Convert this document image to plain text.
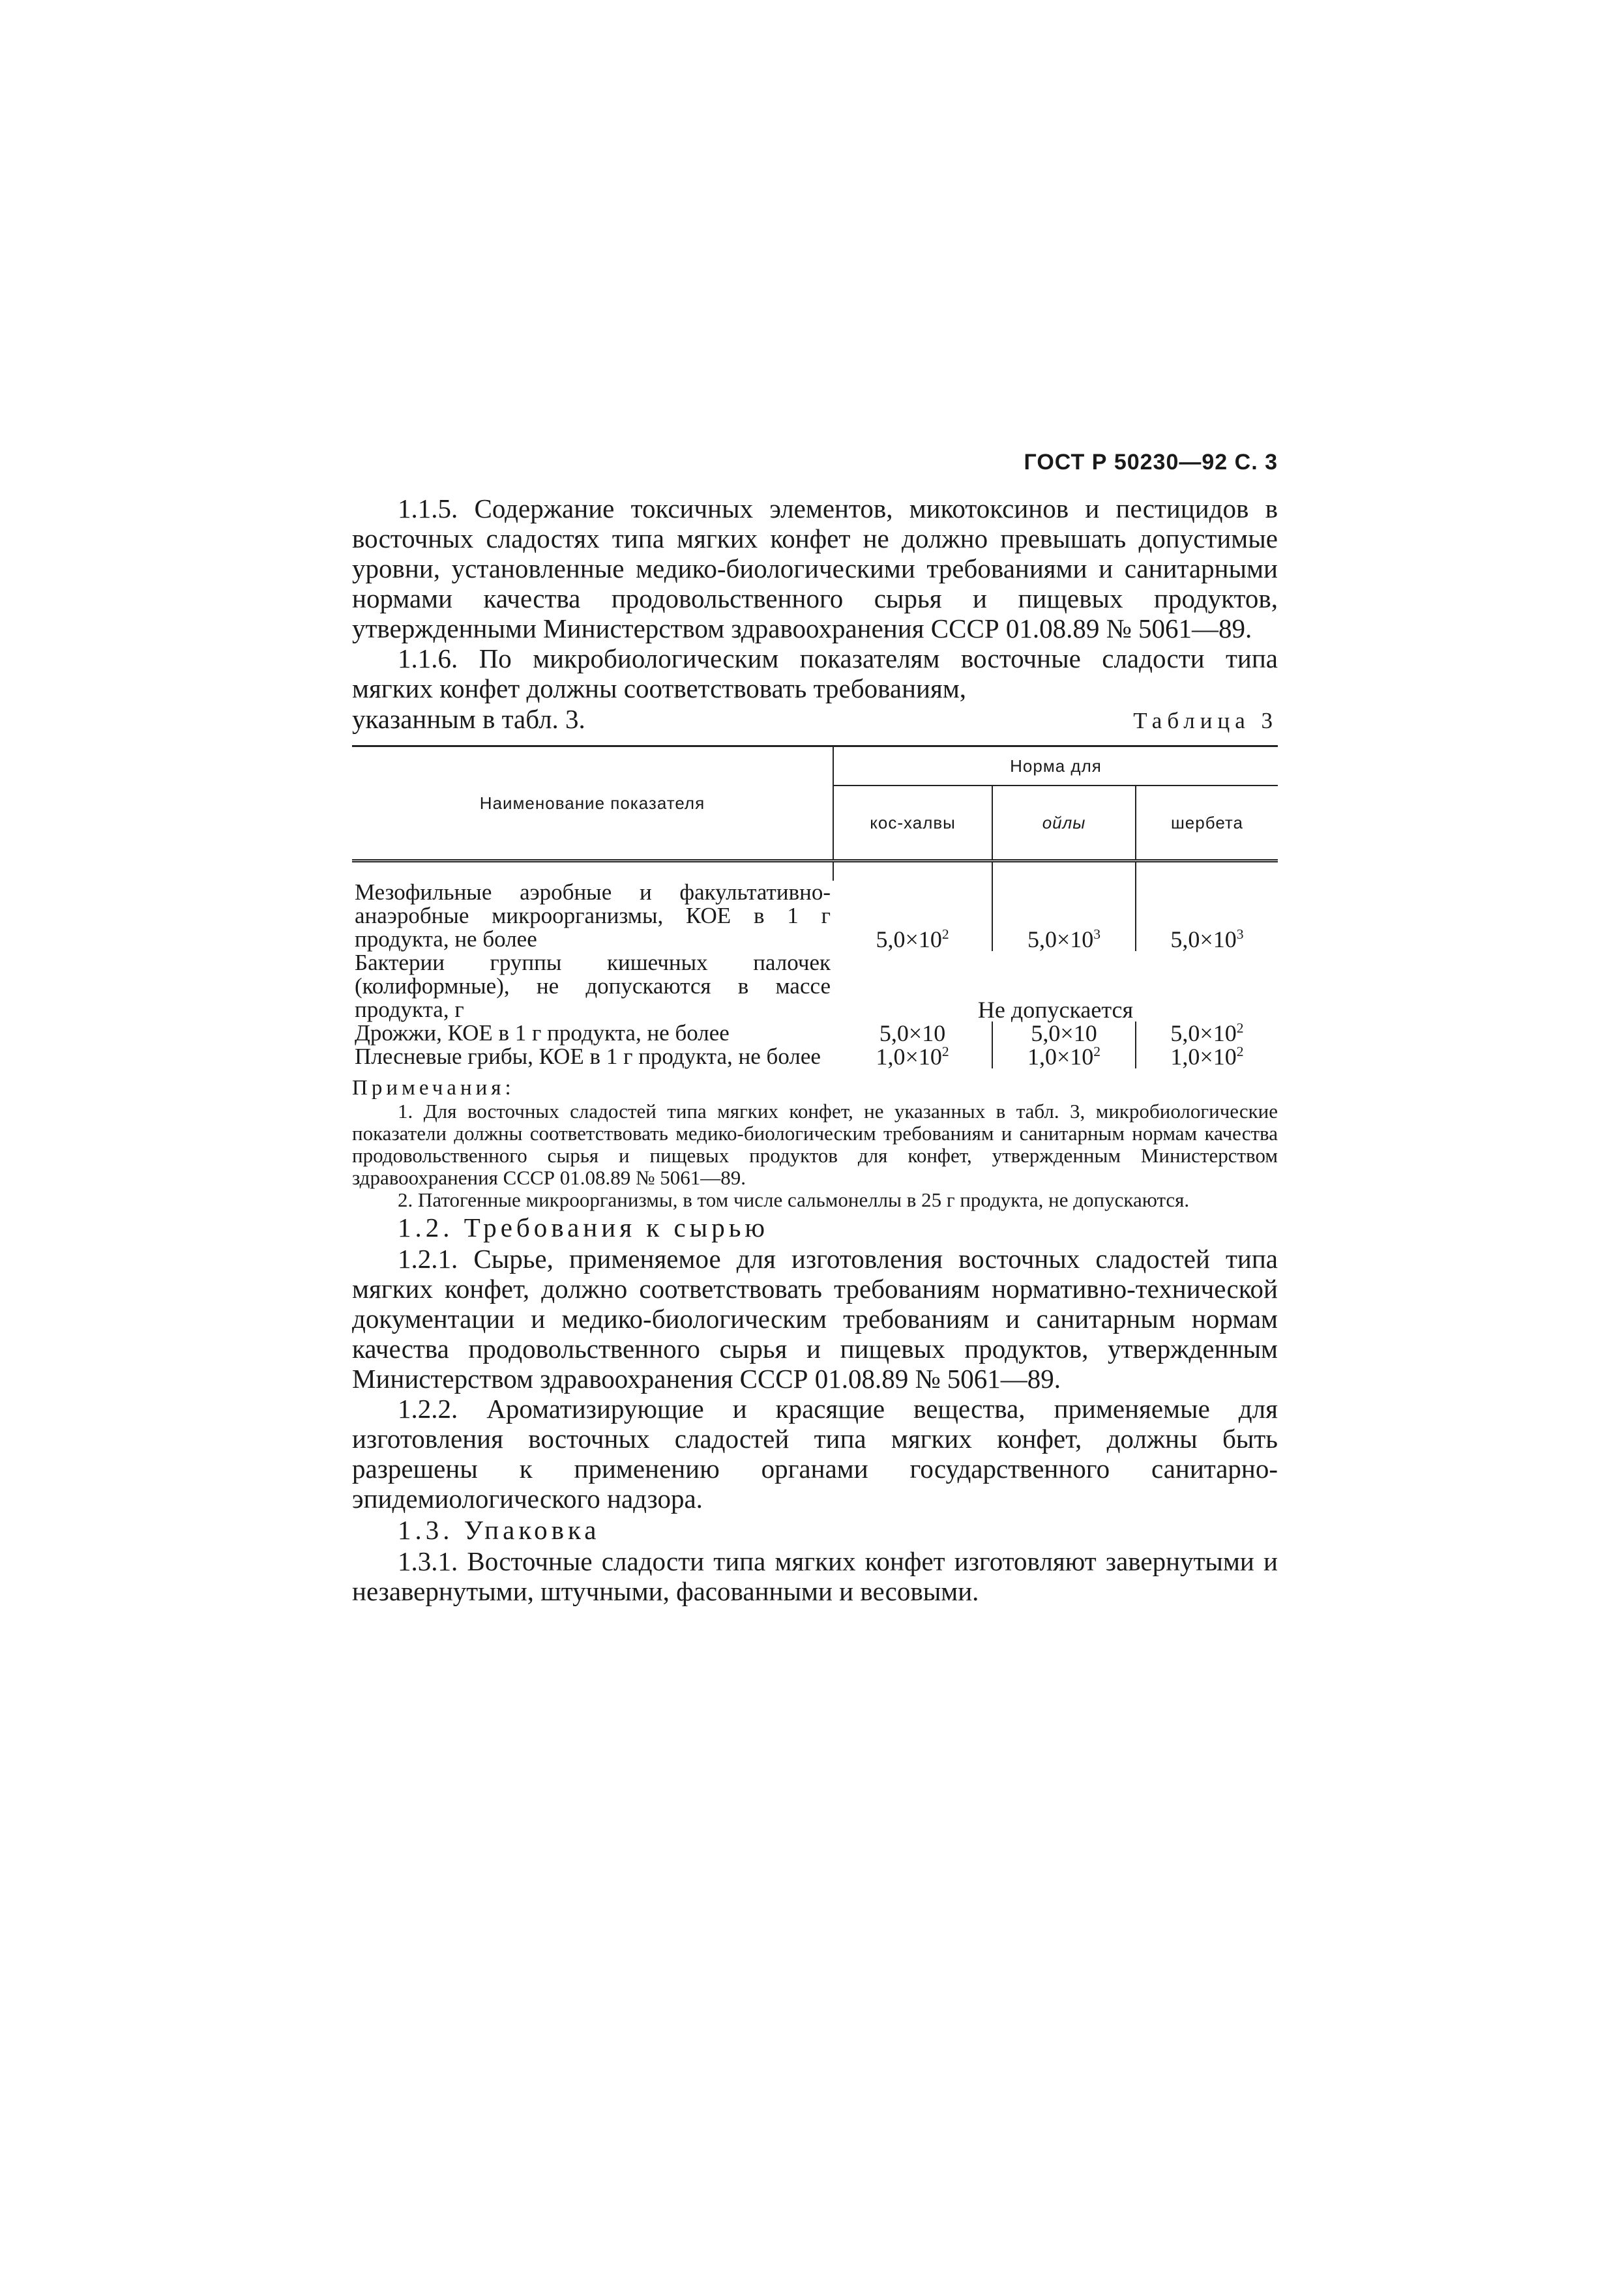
ГОСТ Р 50230—92 С. 3

1.1.5. Содержание токсичных элементов, микотоксинов и пестицидов в восточных сладостях типа мягких конфет не должно превышать допустимые уровни, установленные медико-биологическими требованиями и санитарными нормами качества продовольственного сырья и пищевых продуктов, утвержденными Министерством здравоохранения СССР 01.08.89 № 5061—89.

1.1.6. По микробиологическим показателям восточные сладости типа мягких конфет должны соответствовать требованиям,

указанным в табл. 3.	Таблица 3
Наименование показателя	Норма для		
	кос-халвы	ойлы	шербета

Мезофильные аэробные и факультативно-анаэробные микроорганизмы, КОЕ в 1 г продукта, не более	$5,0\times 10^2$	$5,0\times 10^3$	$5,0\times 10^3$
Бактерии группы кишечных палочек (колиформные), не допускаются в массе продукта, г	Не допускается		
Дрожжи, КОЕ в 1 г продукта, не более	5,0×10	5,0×10	$5,0\times 10^2$
Плесневые грибы, КОЕ в 1 г продукта, не более	$1,0\times 10^2$	$1,0\times 10^2$	$1,0\times 10^2$
Примечания:

1. Для восточных сладостей типа мягких конфет, не указанных в табл. 3, микробиологические показатели должны соответствовать медико-биологическим требованиям и санитарным нормам качества продовольственного сырья и пищевых продуктов для конфет, утвержденным Министерством здравоохранения СССР 01.08.89 № 5061—89.

2. Патогенные микроорганизмы, в том числе сальмонеллы в 25 г продукта, не допускаются.

1.2. Требования к сырью

1.2.1. Сырье, применяемое для изготовления восточных сладостей типа мягких конфет, должно соответствовать требованиям нормативно-технической документации и медико-биологическим требованиям и санитарным нормам качества продовольственного сырья и пищевых продуктов, утвержденным Министерством здравоохранения СССР 01.08.89 № 5061—89.

1.2.2. Ароматизирующие и красящие вещества, применяемые для изготовления восточных сладостей типа мягких конфет, должны быть разрешены к применению органами государственного санитарно-эпидемиологического надзора.

1.3. Упаковка

1.3.1. Восточные сладости типа мягких конфет изготовляют завернутыми и незавернутыми, штучными, фасованными и весовыми.
